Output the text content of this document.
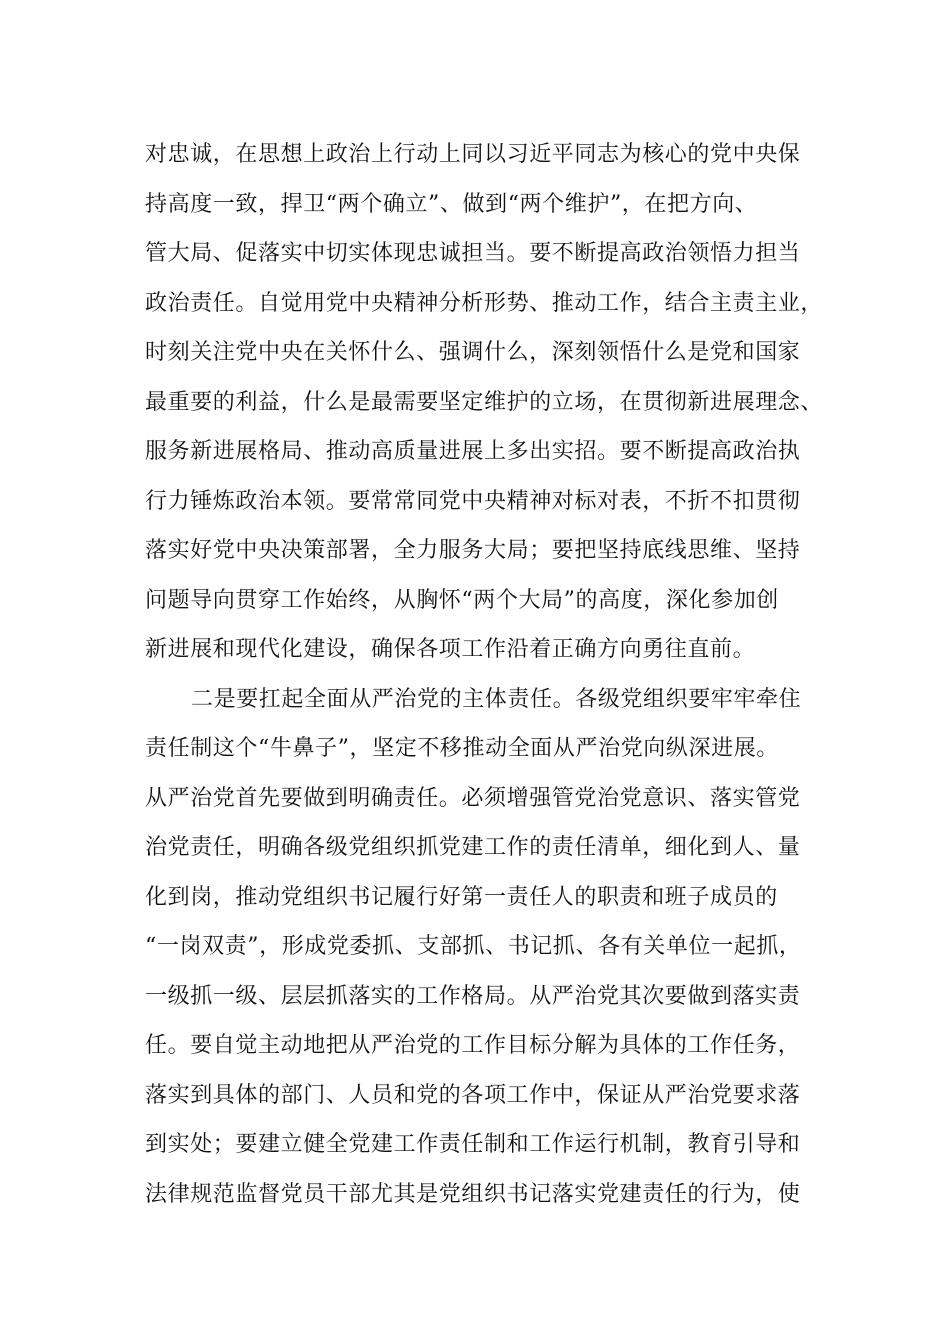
对忠诚，在思想上政治上行动上同以习近平同志为核心的党中央保
持高度一致，捍卫“两个确立”、做到“两个维护”，在把方向、
管大局、促落实中切实体现忠诚担当。要不断提高政治领悟力担当
政治责任。自觉用党中央精神分析形势、推动工作，结合主责主业，
时刻关注党中央在关怀什么、强调什么，深刻领悟什么是党和国家
最重要的利益，什么是最需要坚定维护的立场，在贯彻新进展理念、
服务新进展格局、推动高质量进展上多出实招。要不断提高政治执
行力锤炼政治本领。要常常同党中央精神对标对表，不折不扣贯彻
落实好党中央决策部署，全力服务大局；要把坚持底线思维、坚持
问题导向贯穿工作始终，从胸怀“两个大局”的高度，深化参加创
新进展和现代化建设，确保各项工作沿着正确方向勇往直前。
二是要扛起全面从严治党的主体责任。各级党组织要牢牢牵住
责任制这个“牛鼻子”，坚定不移推动全面从严治党向纵深进展。
从严治党首先要做到明确责任。必须增强管党治党意识、落实管党
治党责任，明确各级党组织抓党建工作的责任清单，细化到人、量
化到岗，推动党组织书记履行好第一责任人的职责和班子成员的
“一岗双责”，形成党委抓、支部抓、书记抓、各有关单位一起抓，
一级抓一级、层层抓落实的工作格局。从严治党其次要做到落实责
任。要自觉主动地把从严治党的工作目标分解为具体的工作任务，
落实到具体的部门、人员和党的各项工作中，保证从严治党要求落
到实处；要建立健全党建工作责任制和工作运行机制，教育引导和
法律规范监督党员干部尤其是党组织书记落实党建责任的行为，使
